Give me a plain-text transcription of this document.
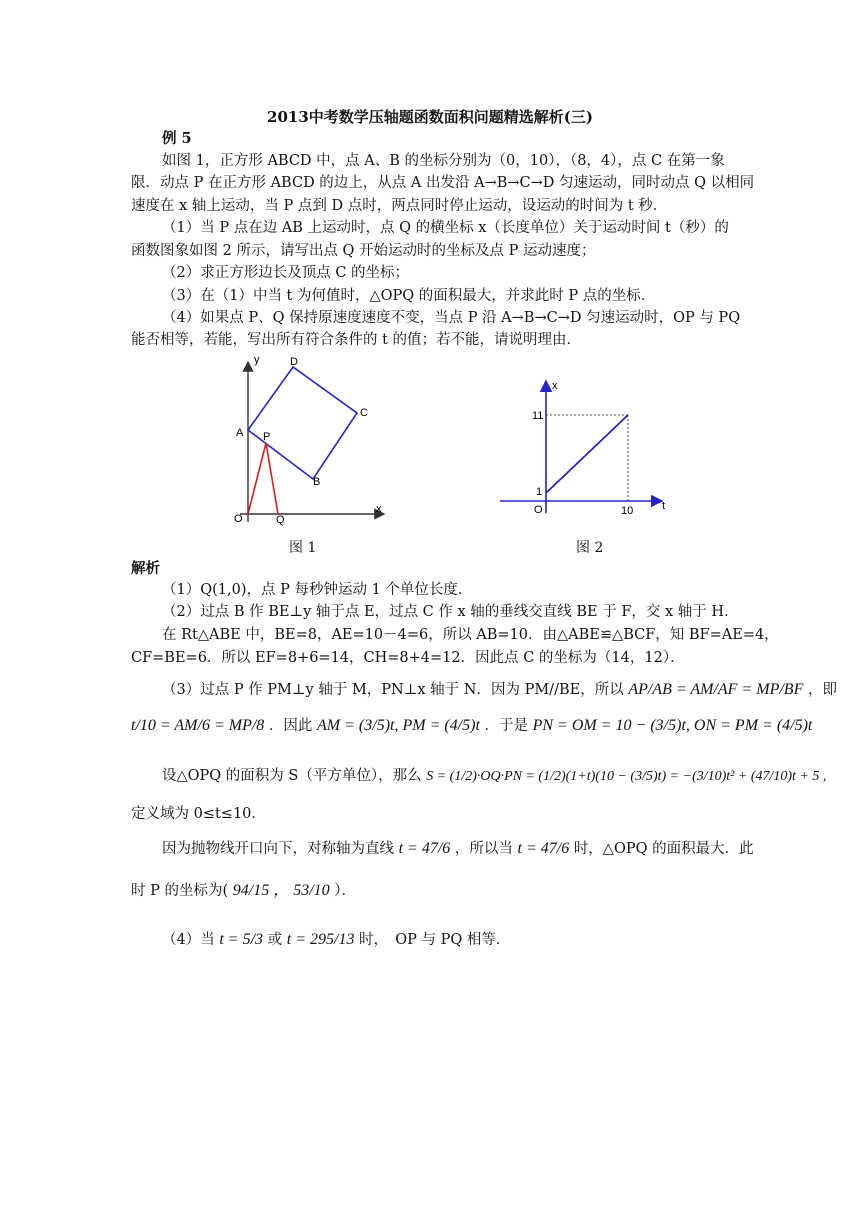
2013中考数学压轴题函数面积问题精选解析(三)
例 5
如图 1，正方形 ABCD 中，点 A、B 的坐标分别为（0，10），（8，4），点 C 在第一象
限．动点 P 在正方形 ABCD 的边上，从点 A 出发沿 A→B→C→D 匀速运动，同时动点 Q 以相同
速度在 x 轴上运动，当 P 点到 D 点时，两点同时停止运动，设运动的时间为 t 秒．
（1）当 P 点在边 AB 上运动时，点 Q 的横坐标 x（长度单位）关于运动时间 t（秒）的
函数图象如图 2 所示，请写出点 Q 开始运动时的坐标及点 P 运动速度；
（2）求正方形边长及顶点 C 的坐标；
（3）在（1）中当 t 为何值时，△OPQ 的面积最大，并求此时 P 点的坐标．
（4）如果点 P、Q 保持原速度速度不变，当点 P 沿 A→B→C→D 匀速运动时，OP 与 PQ
能否相等，若能，写出所有符合条件的 t 的值；若不能，请说明理由．
y
x
O
A
B
C
D
P
Q
图 1
x
t
O
11
1
10
图 2
解析
（1）Q(1,0)，点 P 每秒钟运动 1 个单位长度．
（2）过点 B 作 BE⊥y 轴于点 E，过点 C 作 x 轴的垂线交直线 BE 于 F，交 x 轴于 H．
在 Rt△ABE 中，BE=8，AE=10－4=6，所以 AB=10．由△ABE≌△BCF，知 BF=AE=4，
CF=BE=6．所以 EF=8+6=14，CH=8+4=12．因此点 C 的坐标为（14，12）．
（3）过点 P 作 PM⊥y 轴于 M，PN⊥x 轴于 N．因为 PM//BE，所以 AP/AB = AM/AF = MP/BF ，即
t/10 = AM/6 = MP/8 ．因此 AM = (3/5)t, PM = (4/5)t ．于是 PN = OM = 10 − (3/5)t, ON = PM = (4/5)t
设△OPQ 的面积为 S（平方单位），那么 S = (1/2)·OQ·PN = (1/2)(1+t)(10 − (3/5)t) = −(3/10)t² + (47/10)t + 5 ,
定义域为 0≤t≤10．
因为抛物线开口向下，对称轴为直线 t = 47/6 ，所以当 t = 47/6 时，△OPQ 的面积最大．此
时 P 的坐标为( 94/15 ， 53/10 ）．
（4）当 t = 5/3 或 t = 295/13 时，　OP 与 PQ 相等．
